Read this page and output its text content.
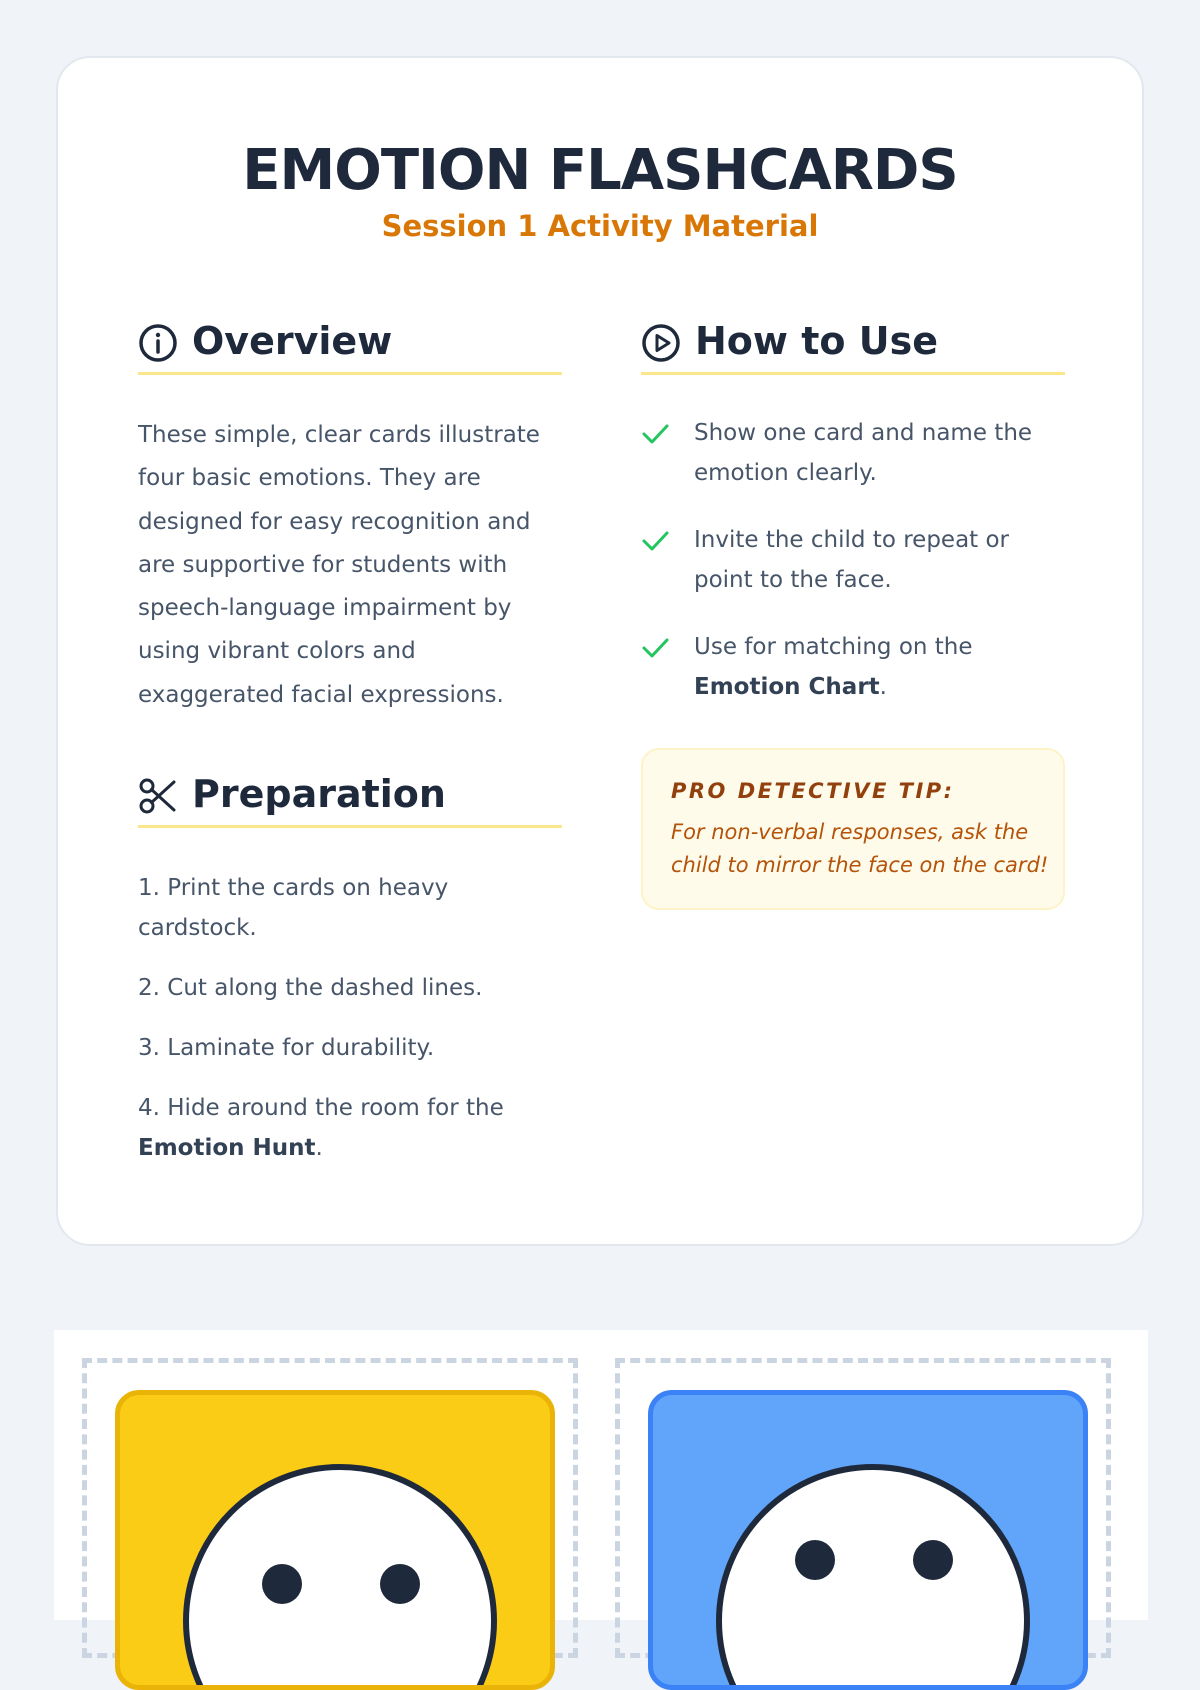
EMOTION FLASHCARDS
Session 1 Activity Material
Overview
These simple, clear cards illustrate four basic emotions. They are designed for easy recognition and are supportive for students with speech-language impairment by using vibrant colors and exaggerated facial expressions.
Preparation
1. Print the cards on heavy cardstock.
2. Cut along the dashed lines.
3. Laminate for durability.
4. Hide around the room for the Emotion Hunt.
How to Use
Show one card and name the emotion clearly.
Invite the child to repeat or point to the face.
Use for matching on the Emotion Chart.
PRO DETECTIVE TIP:
For non-verbal responses, ask the child to mirror the face on the card!
